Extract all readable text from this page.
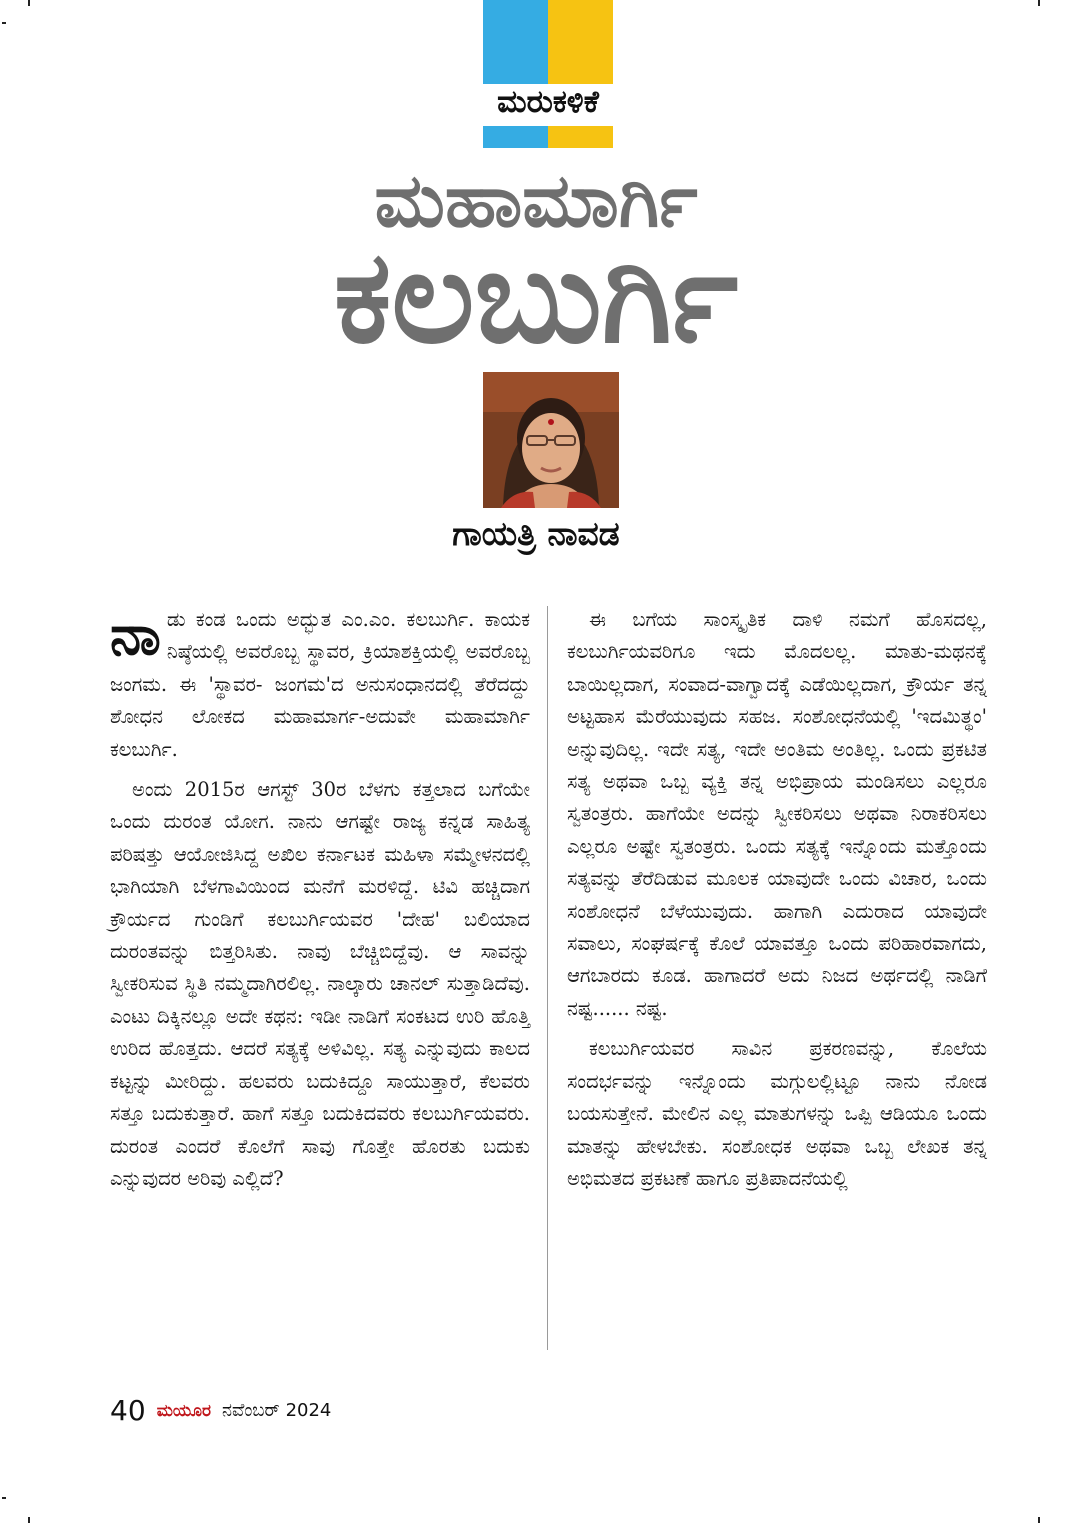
ಮರುಕಳಿಕೆ
ಮಹಾಮಾರ್ಗಿ
ಕಲಬುರ್ಗಿ
ಗಾಯತ್ರಿ ನಾವಡ

ನಾಡು ಕಂಡ ಒಂದು ಅದ್ಭುತ ಎಂ.ಎಂ. ಕಲಬುರ್ಗಿ. ಕಾಯಕ ನಿಷ್ಠೆಯಲ್ಲಿ ಅವರೊಬ್ಬ ಸ್ಥಾವರ, ಕ್ರಿಯಾಶಕ್ತಿಯಲ್ಲಿ ಅವರೊಬ್ಬ ಜಂಗಮ. ಈ 'ಸ್ಥಾವರ- ಜಂಗಮ'ದ ಅನುಸಂಧಾನದಲ್ಲಿ ತೆರೆದದ್ದು ಶೋಧನ ಲೋಕದ ಮಹಾಮಾರ್ಗ-ಅದುವೇ ಮಹಾಮಾರ್ಗಿ ಕಲಬುರ್ಗಿ.

ಅಂದು 2015ರ ಆಗಸ್ಟ್ 30ರ ಬೆಳಗು ಕತ್ತಲಾದ ಬಗೆಯೇ ಒಂದು ದುರಂತ ಯೋಗ. ನಾನು ಆಗಷ್ಟೇ ರಾಜ್ಯ ಕನ್ನಡ ಸಾಹಿತ್ಯ ಪರಿಷತ್ತು ಆಯೋಜಿಸಿದ್ದ ಅಖಿಲ ಕರ್ನಾಟಕ ಮಹಿಳಾ ಸಮ್ಮೇಳನದಲ್ಲಿ ಭಾಗಿಯಾಗಿ ಬೆಳಗಾವಿಯಿಂದ ಮನೆಗೆ ಮರಳಿದ್ದೆ. ಟಿವಿ ಹಚ್ಚಿದಾಗ ಕ್ರೌರ್ಯದ ಗುಂಡಿಗೆ ಕಲಬುರ್ಗಿಯವರ 'ದೇಹ' ಬಲಿಯಾದ ದುರಂತವನ್ನು ಬಿತ್ತರಿಸಿತು. ನಾವು ಬೆಚ್ಚಿಬಿದ್ದೆವು. ಆ ಸಾವನ್ನು ಸ್ವೀಕರಿಸುವ ಸ್ಥಿತಿ ನಮ್ಮದಾಗಿರಲಿಲ್ಲ. ನಾಲ್ಕಾರು ಚಾನಲ್ ಸುತ್ತಾಡಿದೆವು. ಎಂಟು ದಿಕ್ಕಿನಲ್ಲೂ ಅದೇ ಕಥನ: ಇಡೀ ನಾಡಿಗೆ ಸಂಕಟದ ಉರಿ ಹೊತ್ತಿ ಉರಿದ ಹೊತ್ತದು. ಆದರೆ ಸತ್ಯಕ್ಕೆ ಅಳಿವಿಲ್ಲ. ಸತ್ಯ ಎನ್ನುವುದು ಕಾಲದ ಕಟ್ಟನ್ನು ಮೀರಿದ್ದು. ಹಲವರು ಬದುಕಿದ್ದೂ ಸಾಯುತ್ತಾರೆ, ಕೆಲವರು ಸತ್ತೂ ಬದುಕುತ್ತಾರೆ. ಹಾಗೆ ಸತ್ತೂ ಬದುಕಿದವರು ಕಲಬುರ್ಗಿಯವರು. ದುರಂತ ಎಂದರೆ ಕೊಲೆಗೆ ಸಾವು ಗೊತ್ತೇ ಹೊರತು ಬದುಕು ಎನ್ನುವುದರ ಅರಿವು ಎಲ್ಲಿದೆ?

ಈ ಬಗೆಯ ಸಾಂಸ್ಕೃತಿಕ ದಾಳಿ ನಮಗೆ ಹೊಸದಲ್ಲ, ಕಲಬುರ್ಗಿಯವರಿಗೂ ಇದು ಮೊದಲಲ್ಲ. ಮಾತು-ಮಥನಕ್ಕೆ ಬಾಯಿಲ್ಲದಾಗ, ಸಂವಾದ-ವಾಗ್ವಾದಕ್ಕೆ ಎಡೆಯಿಲ್ಲದಾಗ, ಕ್ರೌರ್ಯ ತನ್ನ ಅಟ್ಟಹಾಸ ಮೆರೆಯುವುದು ಸಹಜ. ಸಂಶೋಧನೆಯಲ್ಲಿ 'ಇದಮಿತ್ಥಂ' ಅನ್ನುವುದಿಲ್ಲ. ಇದೇ ಸತ್ಯ, ಇದೇ ಅಂತಿಮ ಅಂತಿಲ್ಲ. ಒಂದು ಪ್ರಕಟಿತ ಸತ್ಯ ಅಥವಾ ಒಬ್ಬ ವ್ಯಕ್ತಿ ತನ್ನ ಅಭಿಪ್ರಾಯ ಮಂಡಿಸಲು ಎಲ್ಲರೂ ಸ್ವತಂತ್ರರು. ಹಾಗೆಯೇ ಅದನ್ನು ಸ್ವೀಕರಿಸಲು ಅಥವಾ ನಿರಾಕರಿಸಲು ಎಲ್ಲರೂ ಅಷ್ಟೇ ಸ್ವತಂತ್ರರು. ಒಂದು ಸತ್ಯಕ್ಕೆ ಇನ್ನೊಂದು ಮತ್ತೊಂದು ಸತ್ಯವನ್ನು ತೆರೆದಿಡುವ ಮೂಲಕ ಯಾವುದೇ ಒಂದು ವಿಚಾರ, ಒಂದು ಸಂಶೋಧನೆ ಬೆಳೆಯುವುದು. ಹಾಗಾಗಿ ಎದುರಾದ ಯಾವುದೇ ಸವಾಲು, ಸಂಘರ್ಷಕ್ಕೆ ಕೊಲೆ ಯಾವತ್ತೂ ಒಂದು ಪರಿಹಾರವಾಗದು, ಆಗಬಾರದು ಕೂಡ. ಹಾಗಾದರೆ ಅದು ನಿಜದ ಅರ್ಥದಲ್ಲಿ ನಾಡಿಗೆ ನಷ್ಟ...... ನಷ್ಟ.

ಕಲಬುರ್ಗಿಯವರ ಸಾವಿನ ಪ್ರಕರಣವನ್ನು, ಕೊಲೆಯ ಸಂದರ್ಭವನ್ನು ಇನ್ನೊಂದು ಮಗ್ಗುಲಲ್ಲಿಟ್ಟೂ ನಾನು ನೋಡ ಬಯಸುತ್ತೇನೆ. ಮೇಲಿನ ಎಲ್ಲ ಮಾತುಗಳನ್ನು ಒಪ್ಪಿ ಆಡಿಯೂ ಒಂದು ಮಾತನ್ನು ಹೇಳಬೇಕು. ಸಂಶೋಧಕ ಅಥವಾ ಒಬ್ಬ ಲೇಖಕ ತನ್ನ ಅಭಿಮತದ ಪ್ರಕಟಣೆ ಹಾಗೂ ಪ್ರತಿಪಾದನೆಯಲ್ಲಿ

40 ಮಯೂರ ನವೆಂಬರ್ 2024
